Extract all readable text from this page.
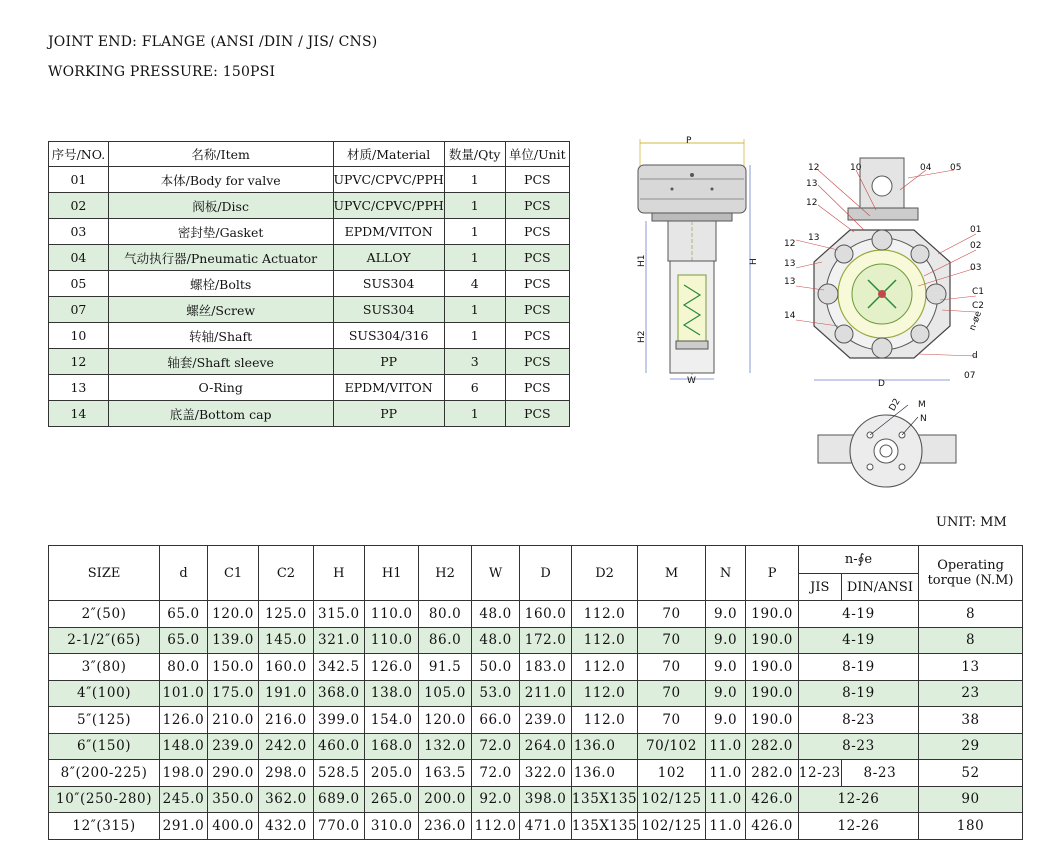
JOINT END: FLANGE (ANSI /DIN / JIS/ CNS)
WORKING PRESSURE: 150PSI
序号/NO.	名称/Item	材质/Material	数量/Qty	单位/Unit
01	本体/Body for valve	UPVC/CPVC/PPH	1	PCS
02	阀板/Disc	UPVC/CPVC/PPH	1	PCS
03	密封垫/Gasket	EPDM/VITON	1	PCS
04	气动执行器/Pneumatic Actuator	ALLOY	1	PCS
05	螺栓/Bolts	SUS304	4	PCS
07	螺丝/Screw	SUS304	1	PCS
10	转轴/Shaft	SUS304/316	1	PCS
12	轴套/Shaft sleeve	PP	3	PCS
13	O-Ring	EPDM/VITON	6	PCS
14	底盖/Bottom cap	PP	1	PCS
P
H1
H2
H
W
12	10	04 05
13
12
13
12
13
13
14
01
02
03
C1
C2
n-øe
d
07
D
D2 M
N
UNIT: MM
SIZE	d	C1	C2	H	H1	H2	W	D	D2	M	N	P	n-∮e		Operating
torque (N.M)

													JIS	DIN/ANSI	
2″(50)	65.0	120.0	125.0	315.0	110.0	80.0	48.0	160.0	112.0	70	9.0	190.0	4-19		8
2-1/2″(65)	65.0	139.0	145.0	321.0	110.0	86.0	48.0	172.0	112.0	70	9.0	190.0	4-19		8
3″(80)	80.0	150.0	160.0	342.5	126.0	91.5	50.0	183.0	112.0	70	9.0	190.0	8-19		13
4″(100)	101.0	175.0	191.0	368.0	138.0	105.0	53.0	211.0	112.0	70	9.0	190.0	8-19		23
5″(125)	126.0	210.0	216.0	399.0	154.0	120.0	66.0	239.0	112.0	70	9.0	190.0	8-23		38
6″(150)	148.0	239.0	242.0	460.0	168.0	132.0	72.0	264.0	136.0	70/102	11.0	282.0	8-23		29
8″(200-225)	198.0	290.0	298.0	528.5	205.0	163.5	72.0	322.0	136.0	102	11.0	282.0	12-23	8-23	52
10″(250-280)	245.0	350.0	362.0	689.0	265.0	200.0	92.0	398.0	135X135	102/125	11.0	426.0	12-26		90
12″(315)	291.0	400.0	432.0	770.0	310.0	236.0	112.0	471.0	135X135	102/125	11.0	426.0	12-26		180
